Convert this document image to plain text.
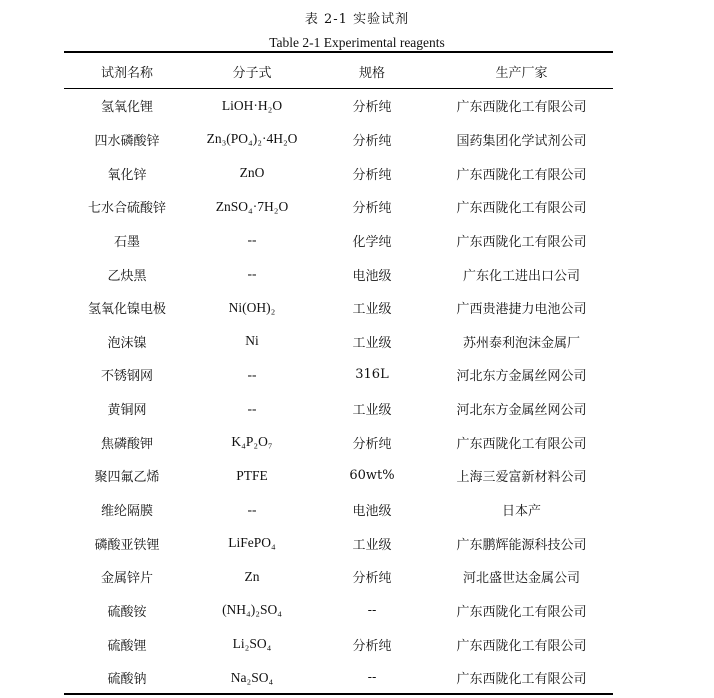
表 2-1 实验试剂
Table 2-1 Experimental reagents
试剂名称	分子式	规格	生产厂家
氢氧化锂	LiOH·H₂O	分析纯	广东西陇化工有限公司
四水磷酸锌	Zn₃(PO₄)₂·4H₂O	分析纯	国药集团化学试剂公司
氧化锌	ZnO	分析纯	广东西陇化工有限公司
七水合硫酸锌	ZnSO₄·7H₂O	分析纯	广东西陇化工有限公司
石墨	--	化学纯	广东西陇化工有限公司
乙炔黑	--	电池级	广东化工进出口公司
氢氧化镍电极	Ni(OH)₂	工业级	广西贵港捷力电池公司
泡沫镍	Ni	工业级	苏州泰利泡沫金属厂
不锈钢网	--	316L	河北东方金属丝网公司
黄铜网	--	工业级	河北东方金属丝网公司
焦磷酸钾	K₄P₂O₇	分析纯	广东西陇化工有限公司
聚四氟乙烯	PTFE	60wt%	上海三爱富新材料公司
维纶隔膜	--	电池级	日本产
磷酸亚铁锂	LiFePO₄	工业级	广东鹏辉能源科技公司
金属锌片	Zn	分析纯	河北盛世达金属公司
硫酸铵	(NH₄)₂SO₄	--	广东西陇化工有限公司
硫酸锂	Li₂SO₄	分析纯	广东西陇化工有限公司
硫酸钠	Na₂SO₄	--	广东西陇化工有限公司
